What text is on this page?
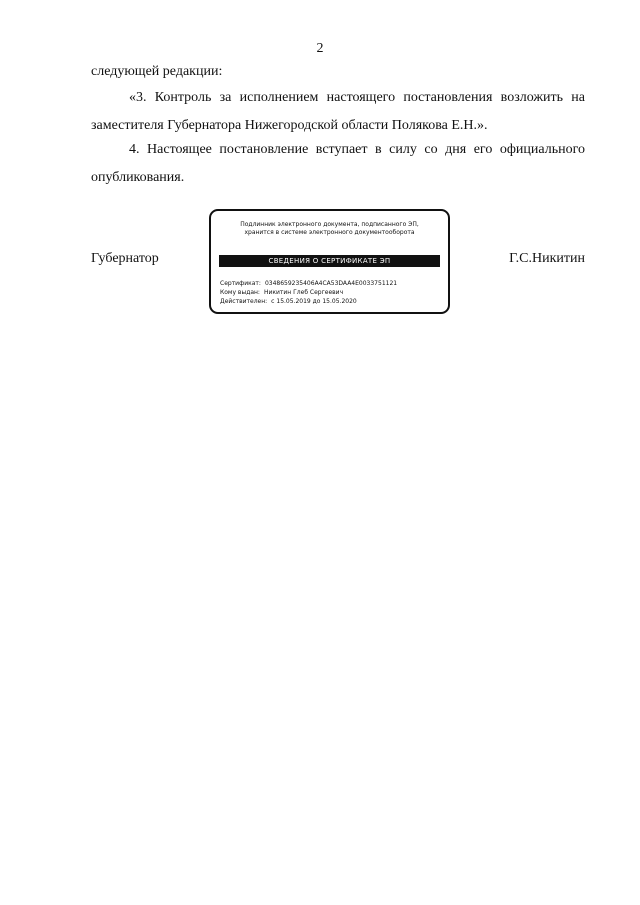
2
следующей редакции:
«3. Контроль за исполнением настоящего постановления возложить на заместителя Губернатора Нижегородской области Полякова Е.Н.».
4. Настоящее постановление вступает в силу со дня его официального опубликования.
Губернатор
Подлинник электронного документа, подписанного ЭП,
хранится в системе электронного документооборота
СВЕДЕНИЯ О СЕРТИФИКАТЕ ЭП
Сертификат: 0348659235406A4CA53DAA4E0033751121
Кому выдан: Никитин Глеб Сергеевич
Действителен: с 15.05.2019 до 15.05.2020
Г.С.Никитин
